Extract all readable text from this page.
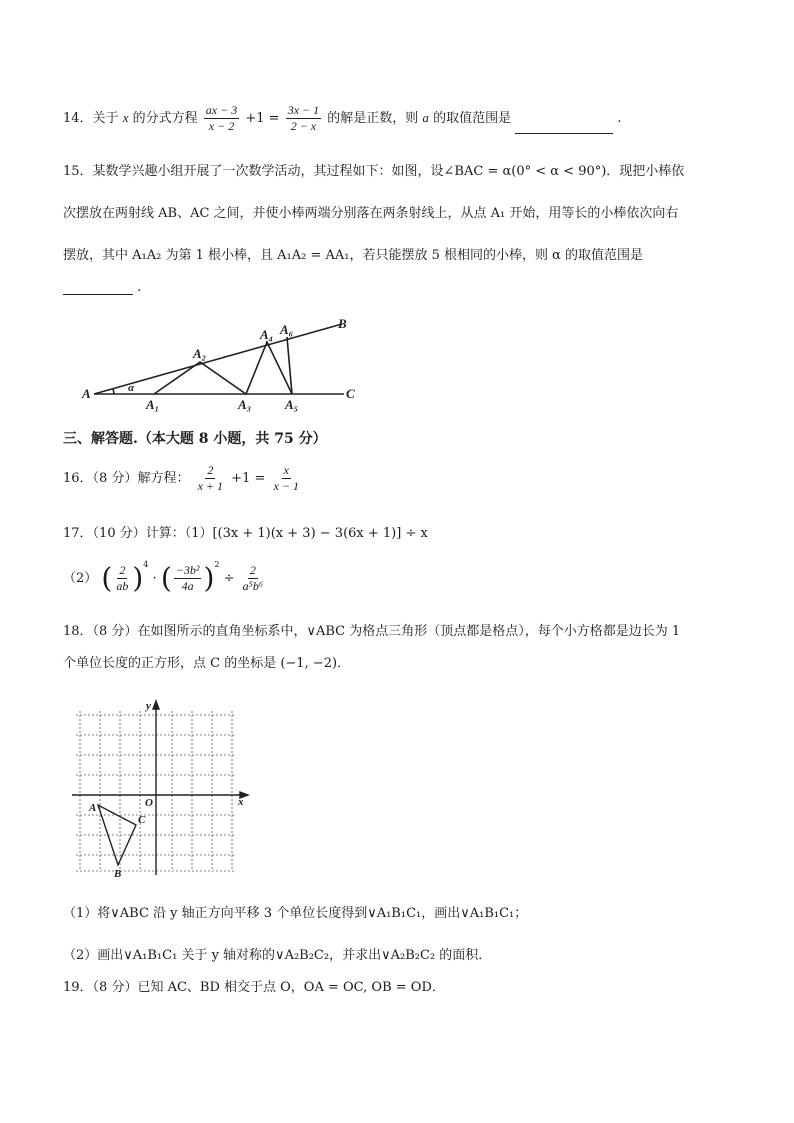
14．关于 x 的分式方程 $\frac{ax - 3}{x - 2} +1 = \frac{3x - 1}{2 - x}$ 的解是正数，则 a 的取值范围是	.
15．某数学兴趣小组开展了一次数学活动，其过程如下：如图，设∠BAC = α(0° < α < 90°)．现把小棒依
次摆放在两射线 AB、AC 之间，并使小棒两端分别落在两条射线上，从点 A₁ 开始，用等长的小棒依次向右
摆放，其中 A₁A₂ 为第 1 根小棒，且 A₁A₂ = AA₁，若只能摆放 5 根相同的小棒，则 α 的取值范围是
.
A
B
C
α
A₁
A₂
A₃
A₄ A₆
A₅
三、解答题.（本大题 8 小题，共 75 分）
16．（8 分）解方程： $\frac{2}{x + 1} +1 = \frac{x}{x - 1}$
17．（10 分）计算：（1）[(3x + 1)(x + 3) − 3(6x + 1)] ÷ x
（2） ( $\frac{2}{ab} )^4$ · ( $\frac{\text{−3b²}}{4a} )^2 \div \frac{2}{\text{a⁵b⁶}}$
18．（8 分）在如图所示的直角坐标系中，∨ABC 为格点三角形（顶点都是格点），每个小方格都是边长为 1
个单位长度的正方形，点 C 的坐标是 (−1, −2)．
y
x
O
A
B
C
（1）将∨ABC 沿 y 轴正方向平移 3 个单位长度得到∨A₁B₁C₁，画出∨A₁B₁C₁；
（2）画出∨A₁B₁C₁ 关于 y 轴对称的∨A₂B₂C₂，并求出∨A₂B₂C₂ 的面积．
19．（8 分）已知 AC、BD 相交于点 O，OA = OC, OB = OD．
